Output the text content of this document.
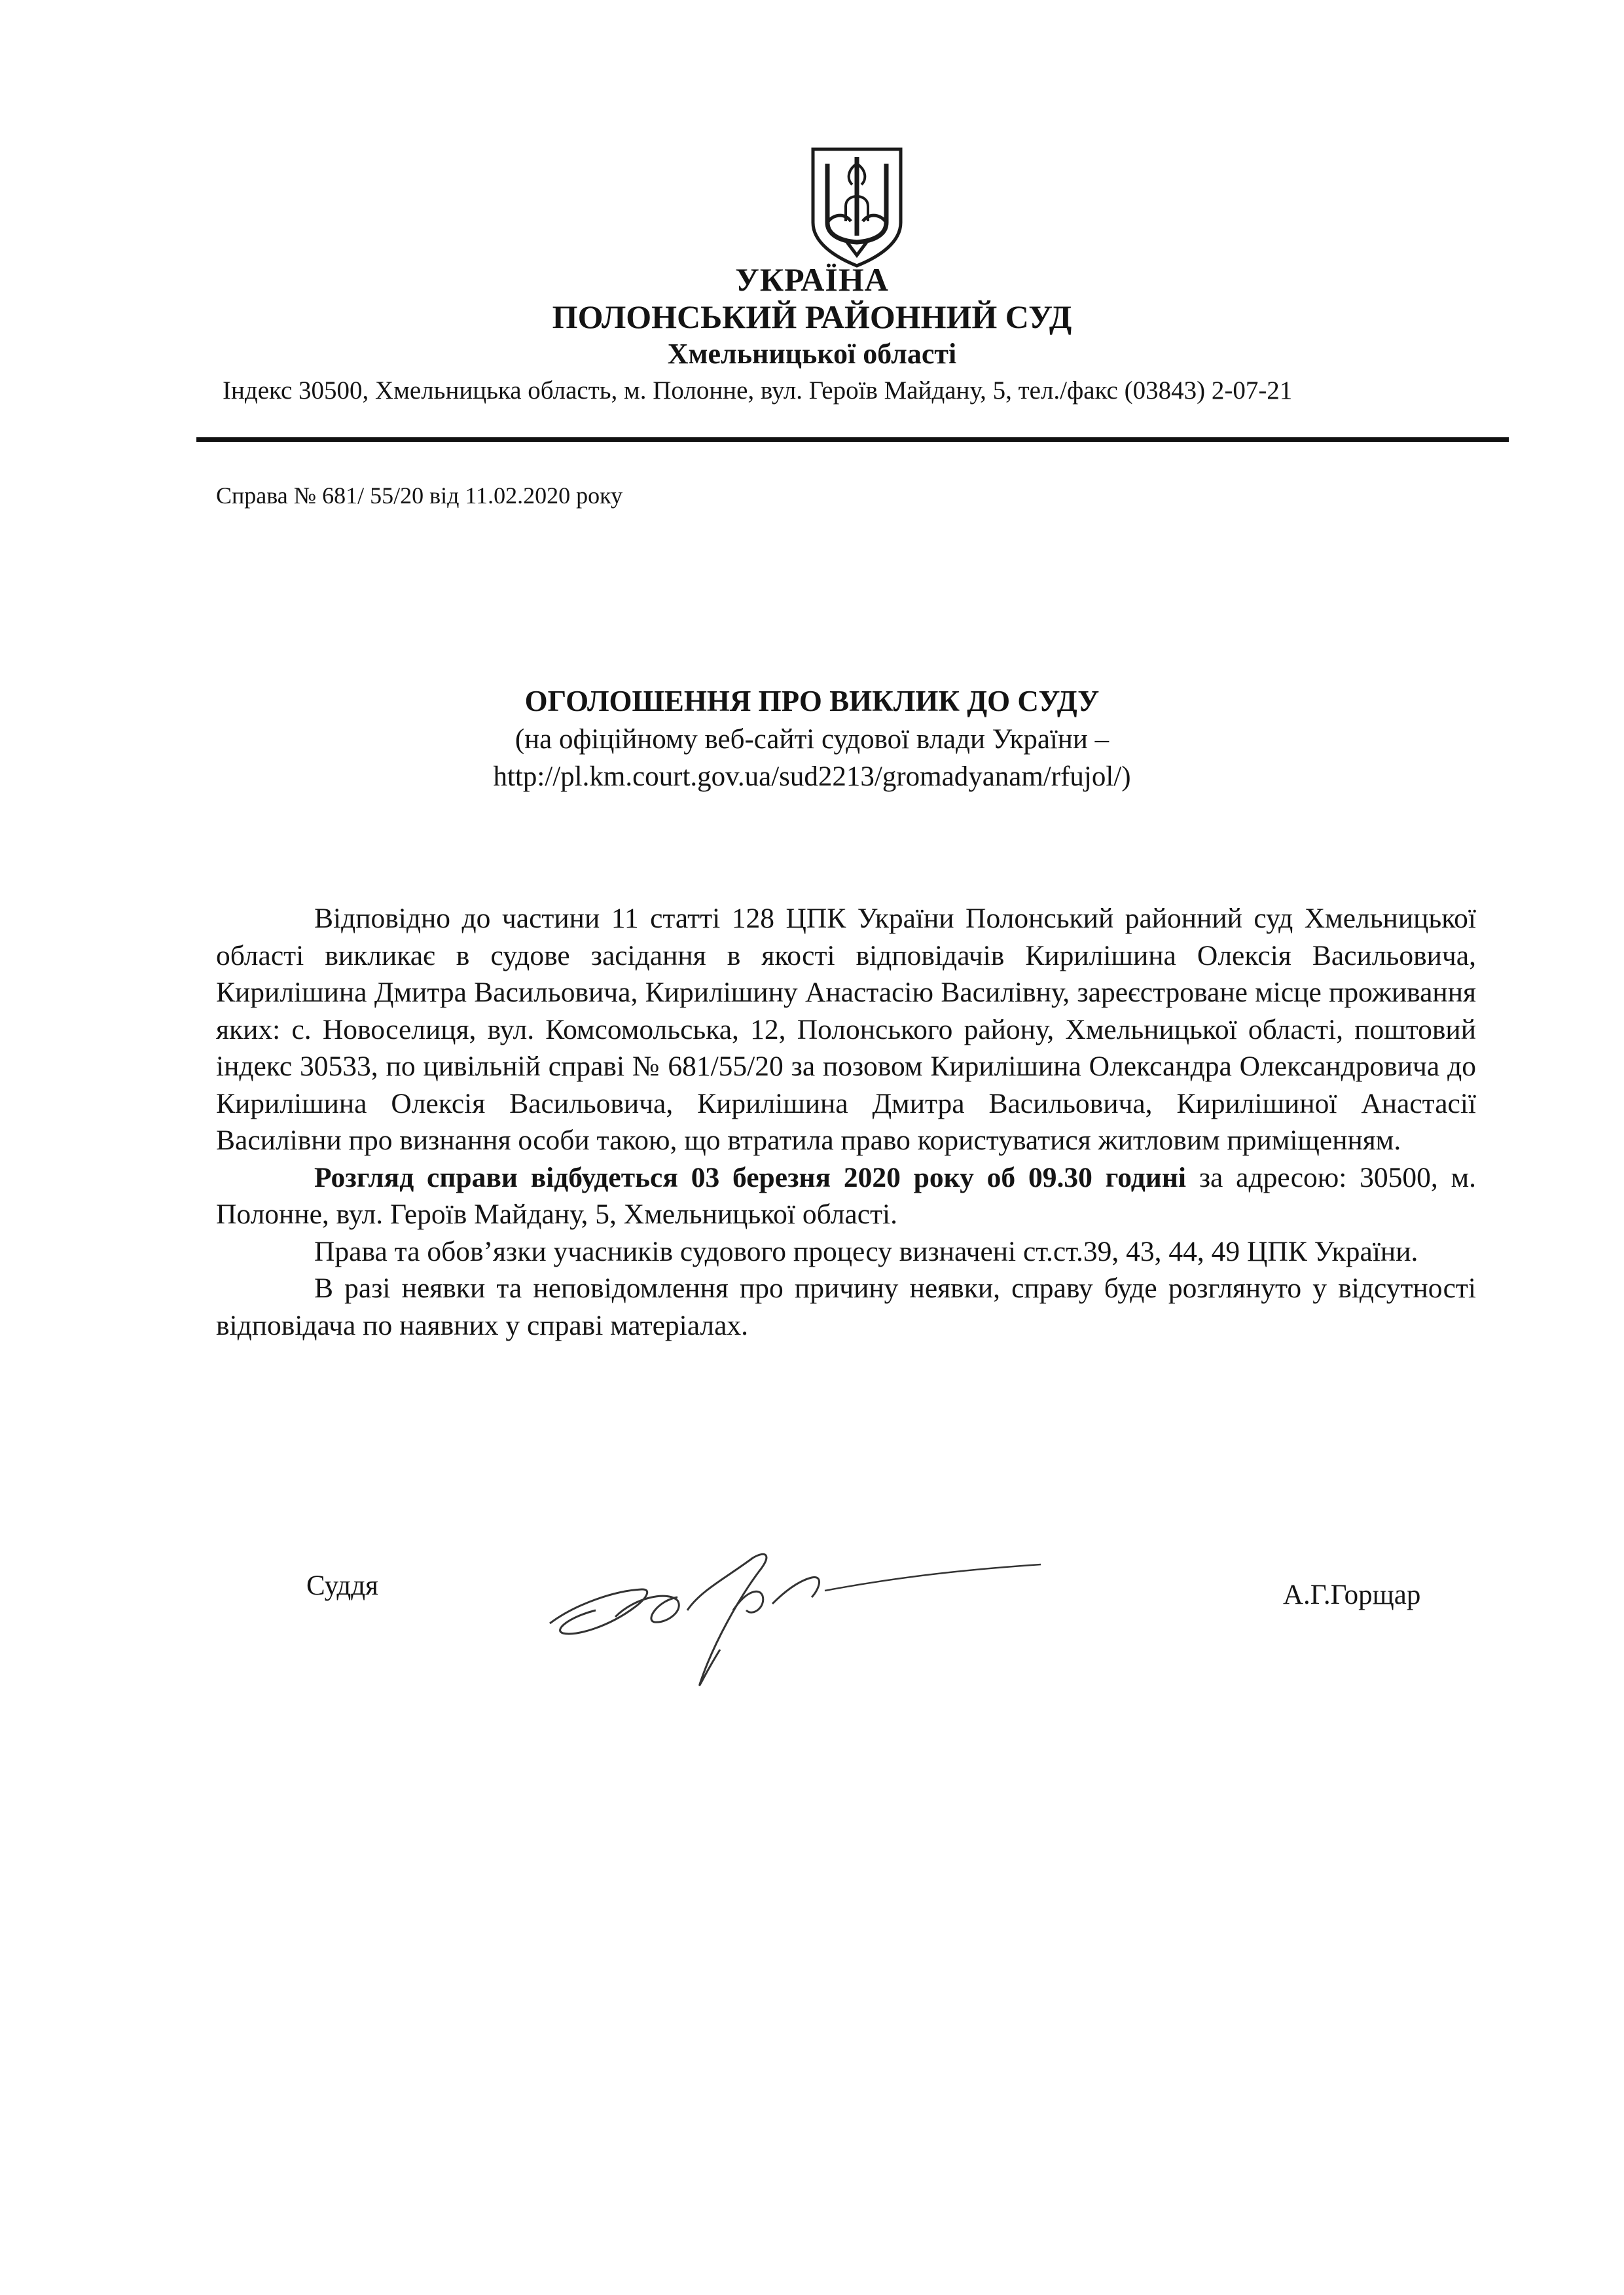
УКРАЇНА
ПОЛОНСЬКИЙ РАЙОННИЙ СУД
Хмельницької області
Індекс 30500, Хмельницька область, м. Полонне, вул. Героїв Майдану, 5, тел./факс (03843) 2-07-21
Справа № 681/ 55/20 від 11.02.2020 року
ОГОЛОШЕННЯ ПРО ВИКЛИК ДО СУДУ
(на офіційному веб-сайті судової влади України –
http://pl.km.court.gov.ua/sud2213/gromadyanam/rfujol/)

Відповідно до частини 11 статті 128 ЦПК України Полонський районний суд Хмельницької області викликає в судове засідання в якості відповідачів Кирилішина Олексія Васильовича, Кирилішина Дмитра Васильовича, Кирилішину Анастасію Василівну, зареєстроване місце проживання яких: с. Новоселиця, вул. Комсомольська, 12, Полонського району, Хмельницької області, поштовий індекс 30533, по цивільній справі № 681/55/20 за позовом Кирилішина Олександра Олександровича до Кирилішина Олексія Васильовича, Кирилішина Дмитра Васильовича, Кирилішиної Анастасії Василівни про визнання особи такою, що втратила право користуватися житловим приміщенням.

Розгляд справи відбудеться 03 березня 2020 року об 09.30 годині за адресою: 30500, м. Полонне, вул. Героїв Майдану, 5, Хмельницької області.

Права та обов’язки учасників судового процесу визначені ст.ст.39, 43, 44, 49 ЦПК України.

В разі неявки та неповідомлення про причину неявки, справу буде розглянуто у відсутності відповідача по наявних у справі матеріалах.

Суддя	А.Г.Горщар
